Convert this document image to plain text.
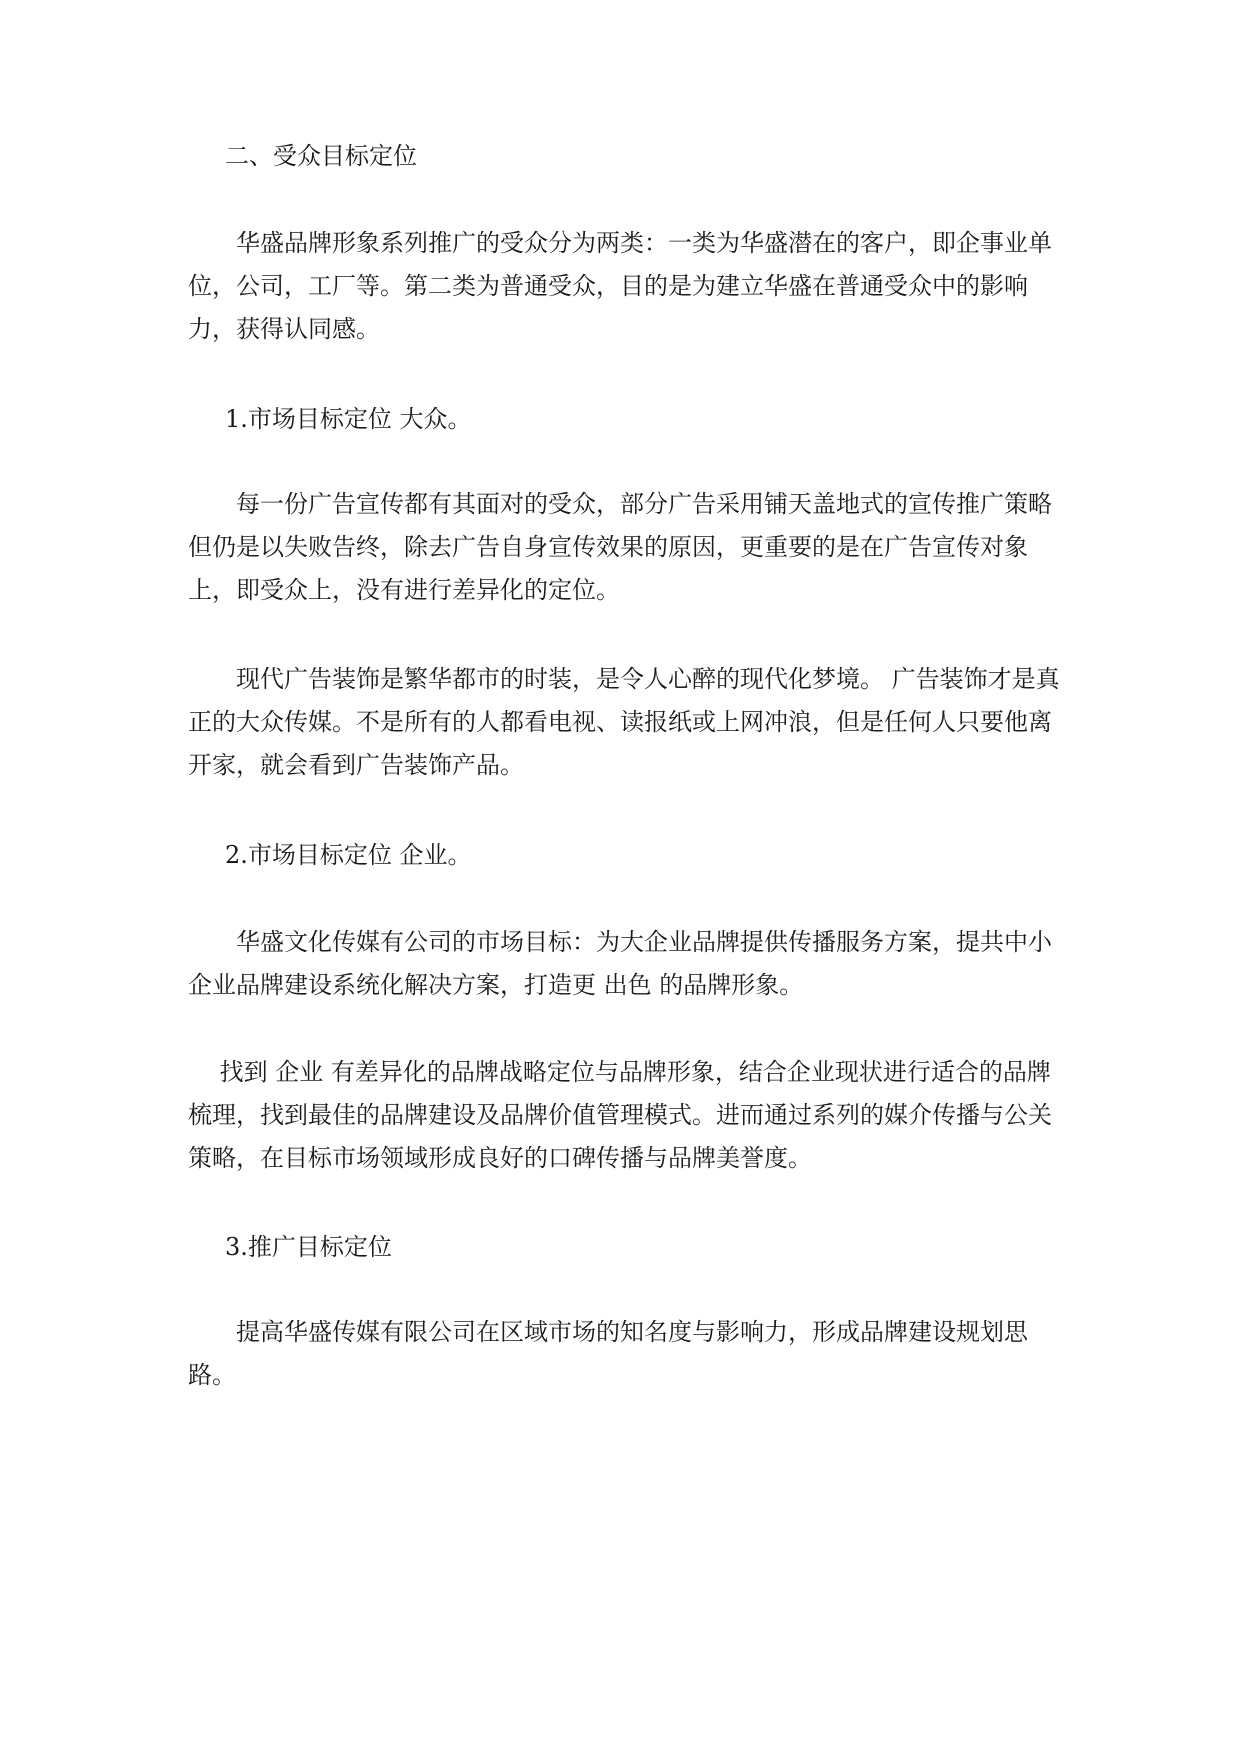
二、受众目标定位
　　华盛品牌形象系列推广的受众分为两类：一类为华盛潜在的客户，即企事业单位，公司，工厂等。第二类为普通受众，目的是为建立华盛在普通受众中的影响力，获得认同感。
1.市场目标定位 大众。
　　每一份广告宣传都有其面对的受众，部分广告采用铺天盖地式的宣传推广策略但仍是以失败告终，除去广告自身宣传效果的原因，更重要的是在广告宣传对象上，即受众上，没有进行差异化的定位。
　　现代广告装饰是繁华都市的时装，是令人心醉的现代化梦境。 广告装饰才是真正的大众传媒。不是所有的人都看电视、读报纸或上网冲浪，但是任何人只要他离开家，就会看到广告装饰产品。
2.市场目标定位 企业。
　　华盛文化传媒有公司的市场目标：为大企业品牌提供传播服务方案，提共中小企业品牌建设系统化解决方案，打造更 出色 的品牌形象。
　 找到 企业 有差异化的品牌战略定位与品牌形象，结合企业现状进行适合的品牌梳理，找到最佳的品牌建设及品牌价值管理模式。进而通过系列的媒介传播与公关策略，在目标市场领域形成良好的口碑传播与品牌美誉度。
3.推广目标定位
　　提高华盛传媒有限公司在区域市场的知名度与影响力，形成品牌建设规划思路。
